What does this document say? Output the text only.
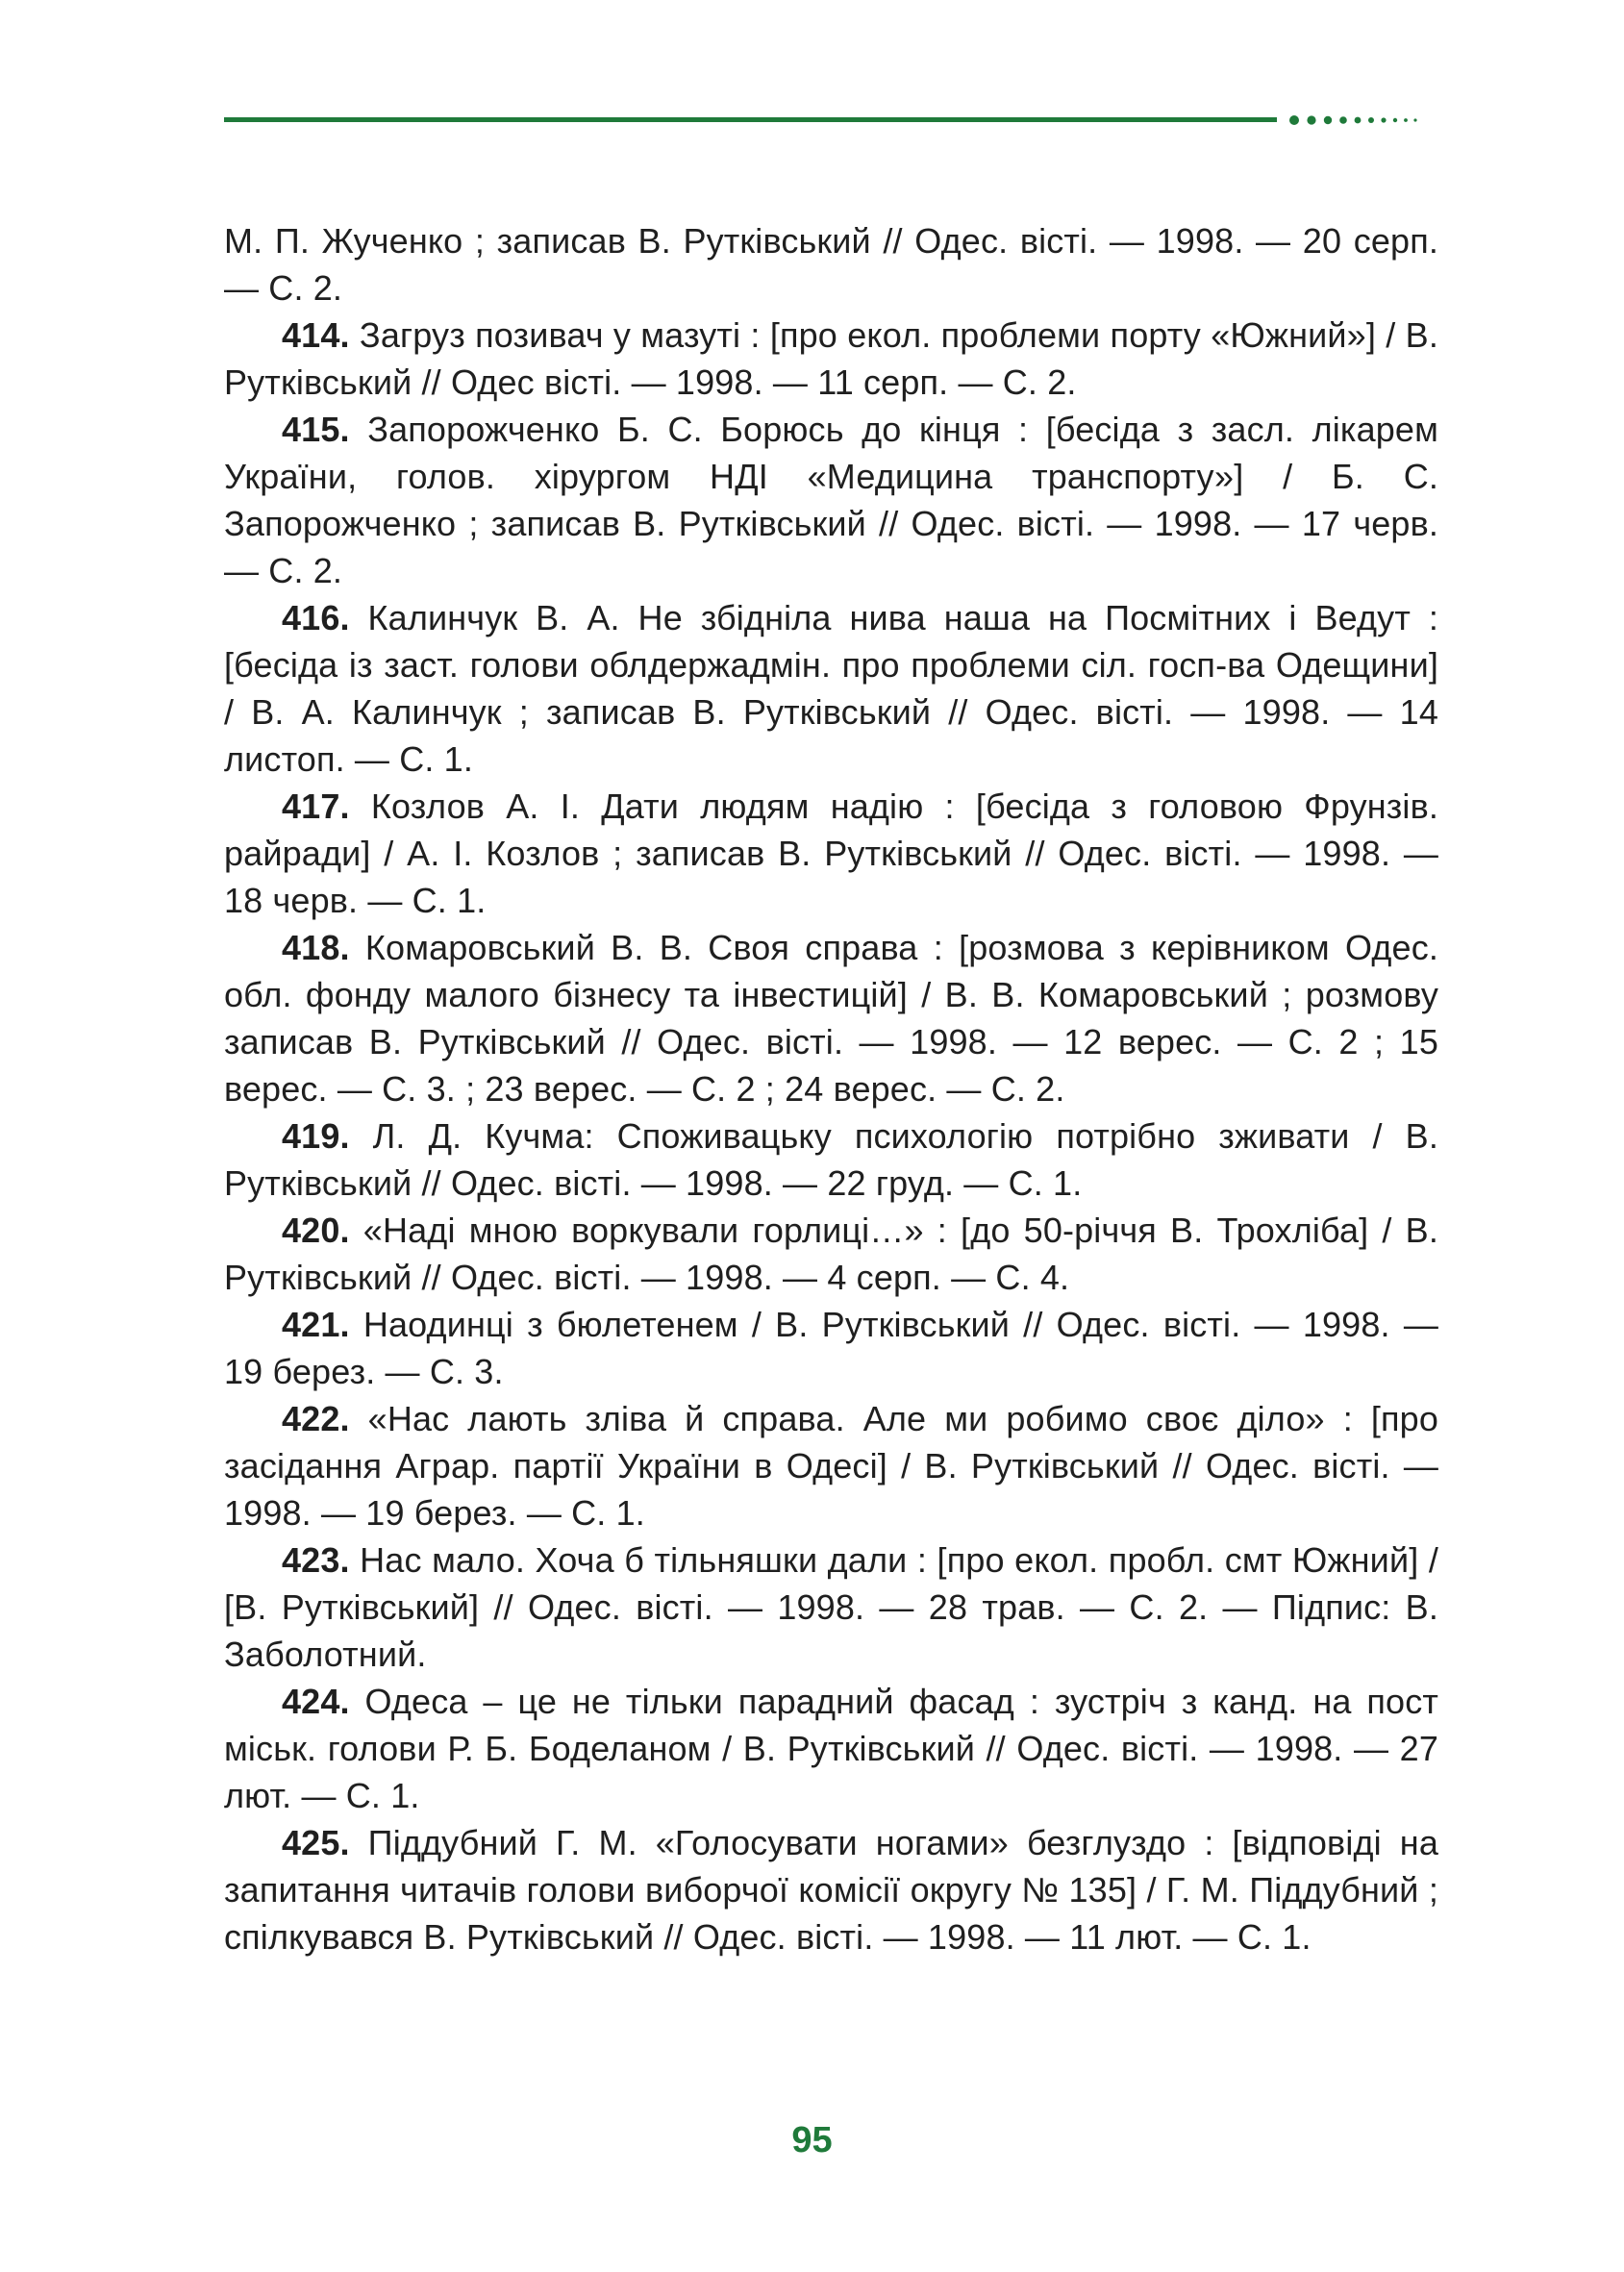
М. П. Жученко ; записав В. Рутківський // Одес. вісті. — 1998. — 20 серп. — С. 2.

414. Загруз позивач у мазуті : [про екол. проблеми порту «Южний»] / В. Рутківський // Одес вісті. — 1998. — 11 серп. — С. 2.

415. Запорожченко Б. С. Борюсь до кінця : [бесіда з засл. лікарем України, голов. хірургом НДІ «Медицина транспорту»] / Б. С. Запорожченко ; записав В. Рутківський // Одес. вісті. — 1998. — 17 черв. — С. 2.

416. Калинчук В. А. Не збідніла нива наша на Посмітних і Ведут : [бесіда із заст. голови облдержадмін. про проблеми сіл. госп-ва Одещини] / В. А. Калинчук ; записав В. Рутківський // Одес. вісті. — 1998. — 14 листоп. — С. 1.

417. Козлов А. І. Дати людям надію : [бесіда з головою Фрунзів. райради] / А. І. Козлов ; записав В. Рутківський // Одес. вісті. — 1998. — 18 черв. — С. 1.

418. Комаровський В. В. Своя справа : [розмова з керівником Одес. обл. фонду малого бізнесу та інвестицій] / В. В. Комаровський ; розмову записав В. Рутківський // Одес. вісті. — 1998. — 12 верес. — С. 2 ; 15 верес. — С. 3. ; 23 верес. — С. 2 ; 24 верес. — С. 2.

419. Л. Д. Кучма: Споживацьку психологію потрібно зживати / В. Рутківський // Одес. вісті. — 1998. — 22 груд. — С. 1.

420. «Наді мною воркували горлиці…» : [до 50-річчя В. Трохліба] / В. Рутківський // Одес. вісті. — 1998. — 4 серп. — С. 4.

421. Наодинці з бюлетенем / В. Рутківський // Одес. вісті. — 1998. — 19 берез. — С. 3.

422. «Нас лають зліва й справа. Але ми робимо своє діло» : [про засідання Аграр. партії України в Одесі] / В. Рутківський // Одес. вісті. — 1998. — 19 берез. — С. 1.

423. Нас мало. Хоча б тільняшки дали : [про екол. пробл. смт Южний] / [В. Рутківський] // Одес. вісті. — 1998. — 28 трав. — С. 2. — Підпис: В. Заболотний.

424. Одеса – це не тільки парадний фасад : зустріч з канд. на пост міськ. голови Р. Б. Боделаном / В. Рутківський // Одес. вісті. — 1998. — 27 лют. — С. 1.

425. Піддубний Г. М. «Голосувати ногами» безглуздо : [відповіді на запитання читачів голови виборчої комісії округу № 135] / Г. М. Піддубний ; спілкувався В. Рутківський // Одес. вісті. — 1998. — 11 лют. — С. 1.

95
